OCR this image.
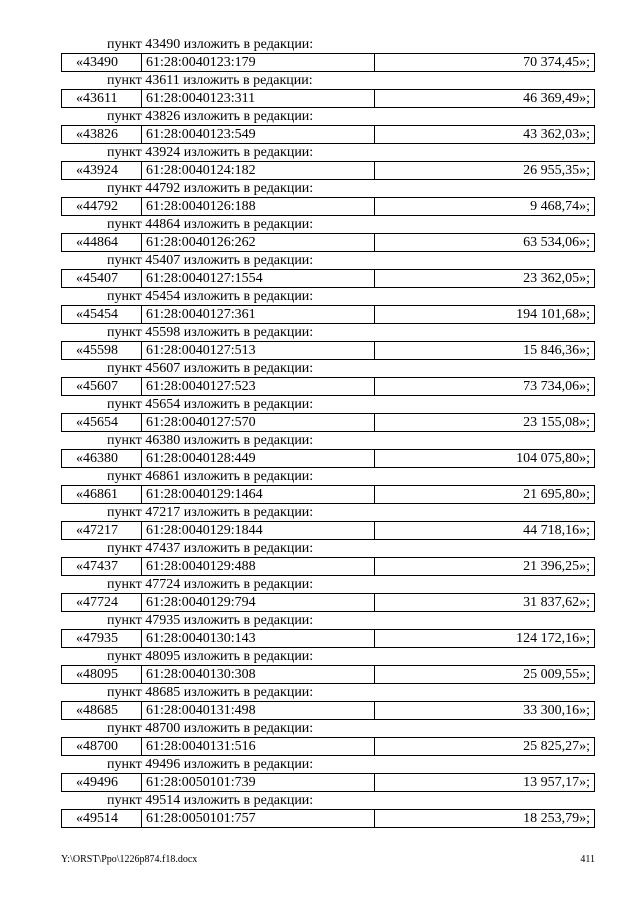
пункт 43490 изложить в редакции:
«43490	61:28:0040123:179	70 374,45»;
пункт 43611 изложить в редакции:
«43611	61:28:0040123:311	46 369,49»;
пункт 43826 изложить в редакции:
«43826	61:28:0040123:549	43 362,03»;
пункт 43924 изложить в редакции:
«43924	61:28:0040124:182	26 955,35»;
пункт 44792 изложить в редакции:
«44792	61:28:0040126:188	9 468,74»;
пункт 44864 изложить в редакции:
«44864	61:28:0040126:262	63 534,06»;
пункт 45407 изложить в редакции:
«45407	61:28:0040127:1554	23 362,05»;
пункт 45454 изложить в редакции:
«45454	61:28:0040127:361	194 101,68»;
пункт 45598 изложить в редакции:
«45598	61:28:0040127:513	15 846,36»;
пункт 45607 изложить в редакции:
«45607	61:28:0040127:523	73 734,06»;
пункт 45654 изложить в редакции:
«45654	61:28:0040127:570	23 155,08»;
пункт 46380 изложить в редакции:
«46380	61:28:0040128:449	104 075,80»;
пункт 46861 изложить в редакции:
«46861	61:28:0040129:1464	21 695,80»;
пункт 47217 изложить в редакции:
«47217	61:28:0040129:1844	44 718,16»;
пункт 47437 изложить в редакции:
«47437	61:28:0040129:488	21 396,25»;
пункт 47724 изложить в редакции:
«47724	61:28:0040129:794	31 837,62»;
пункт 47935 изложить в редакции:
«47935	61:28:0040130:143	124 172,16»;
пункт 48095 изложить в редакции:
«48095	61:28:0040130:308	25 009,55»;
пункт 48685 изложить в редакции:
«48685	61:28:0040131:498	33 300,16»;
пункт 48700 изложить в редакции:
«48700	61:28:0040131:516	25 825,27»;
пункт 49496 изложить в редакции:
«49496	61:28:0050101:739	13 957,17»;
пункт 49514 изложить в редакции:
«49514	61:28:0050101:757	18 253,79»;
Y:\ORST\Ppo\1226p874.f18.docx	411
